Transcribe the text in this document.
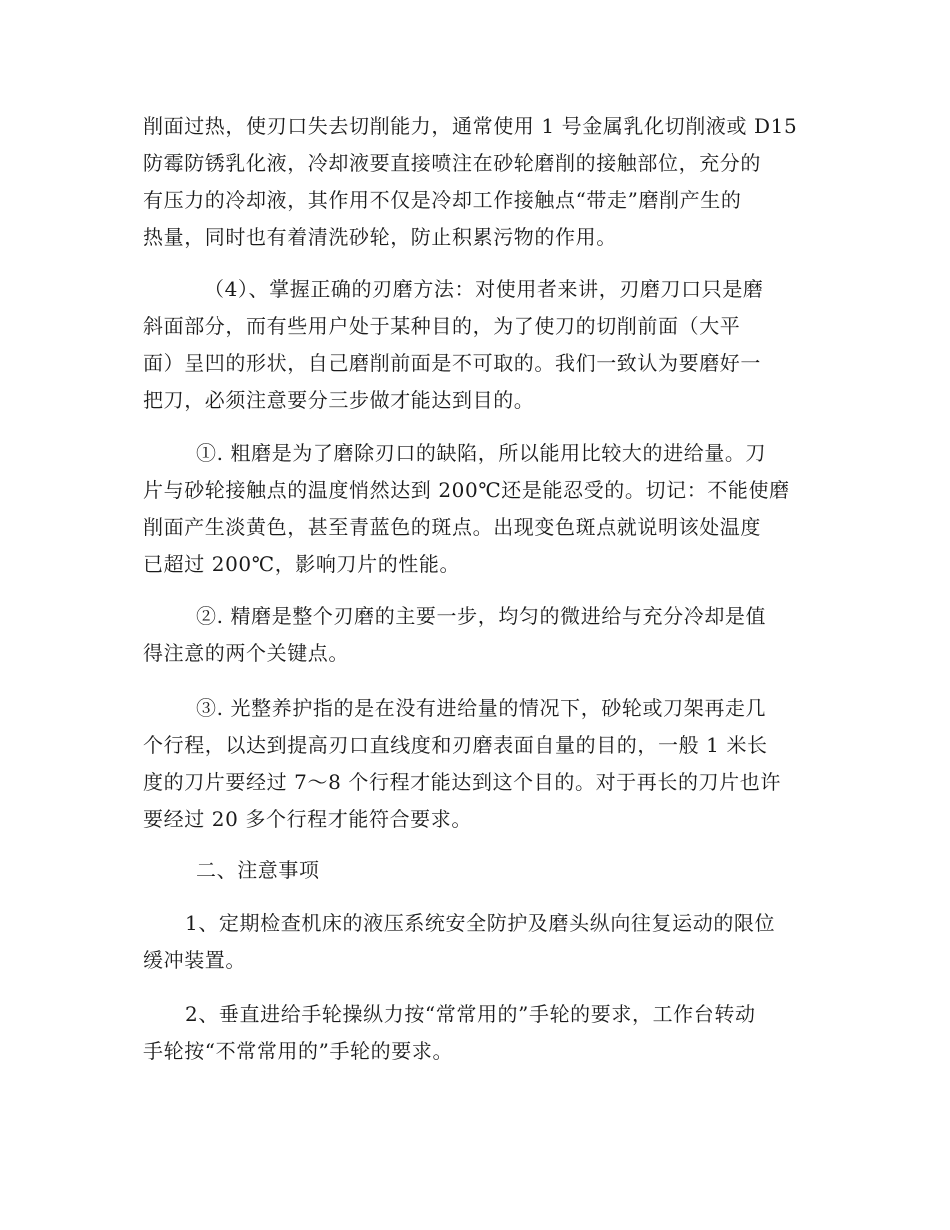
削面过热，使刃口失去切削能力，通常使用 1 号金属乳化切削液或 D15
防霉防锈乳化液，冷却液要直接喷注在砂轮磨削的接触部位，充分的
有压力的冷却液，其作用不仅是冷却工作接触点“带走”磨削产生的
热量，同时也有着清洗砂轮，防止积累污物的作用。

（4）、掌握正确的刃磨方法：对使用者来讲，刃磨刀口只是磨
斜面部分，而有些用户处于某种目的，为了使刀的切削前面（大平
面）呈凹的形状，自己磨削前面是不可取的。我们一致认为要磨好一
把刀，必须注意要分三步做才能达到目的。

①. 粗磨是为了磨除刃口的缺陷，所以能用比较大的进给量。刀
片与砂轮接触点的温度悄然达到 200℃还是能忍受的。切记：不能使磨
削面产生淡黄色，甚至青蓝色的斑点。出现变色斑点就说明该处温度
已超过 200℃，影响刀片的性能。

②. 精磨是整个刃磨的主要一步，均匀的微进给与充分冷却是值
得注意的两个关键点。

③. 光整养护指的是在没有进给量的情况下，砂轮或刀架再走几
个行程，以达到提高刃口直线度和刃磨表面自量的目的，一般 1 米长
度的刀片要经过 7～8 个行程才能达到这个目的。对于再长的刀片也许
要经过 20 多个行程才能符合要求。

二、注意事项

1、定期检查机床的液压系统安全防护及磨头纵向往复运动的限位
缓冲装置。

2、垂直进给手轮操纵力按“常常用的”手轮的要求，工作台转动
手轮按“不常常用的”手轮的要求。
